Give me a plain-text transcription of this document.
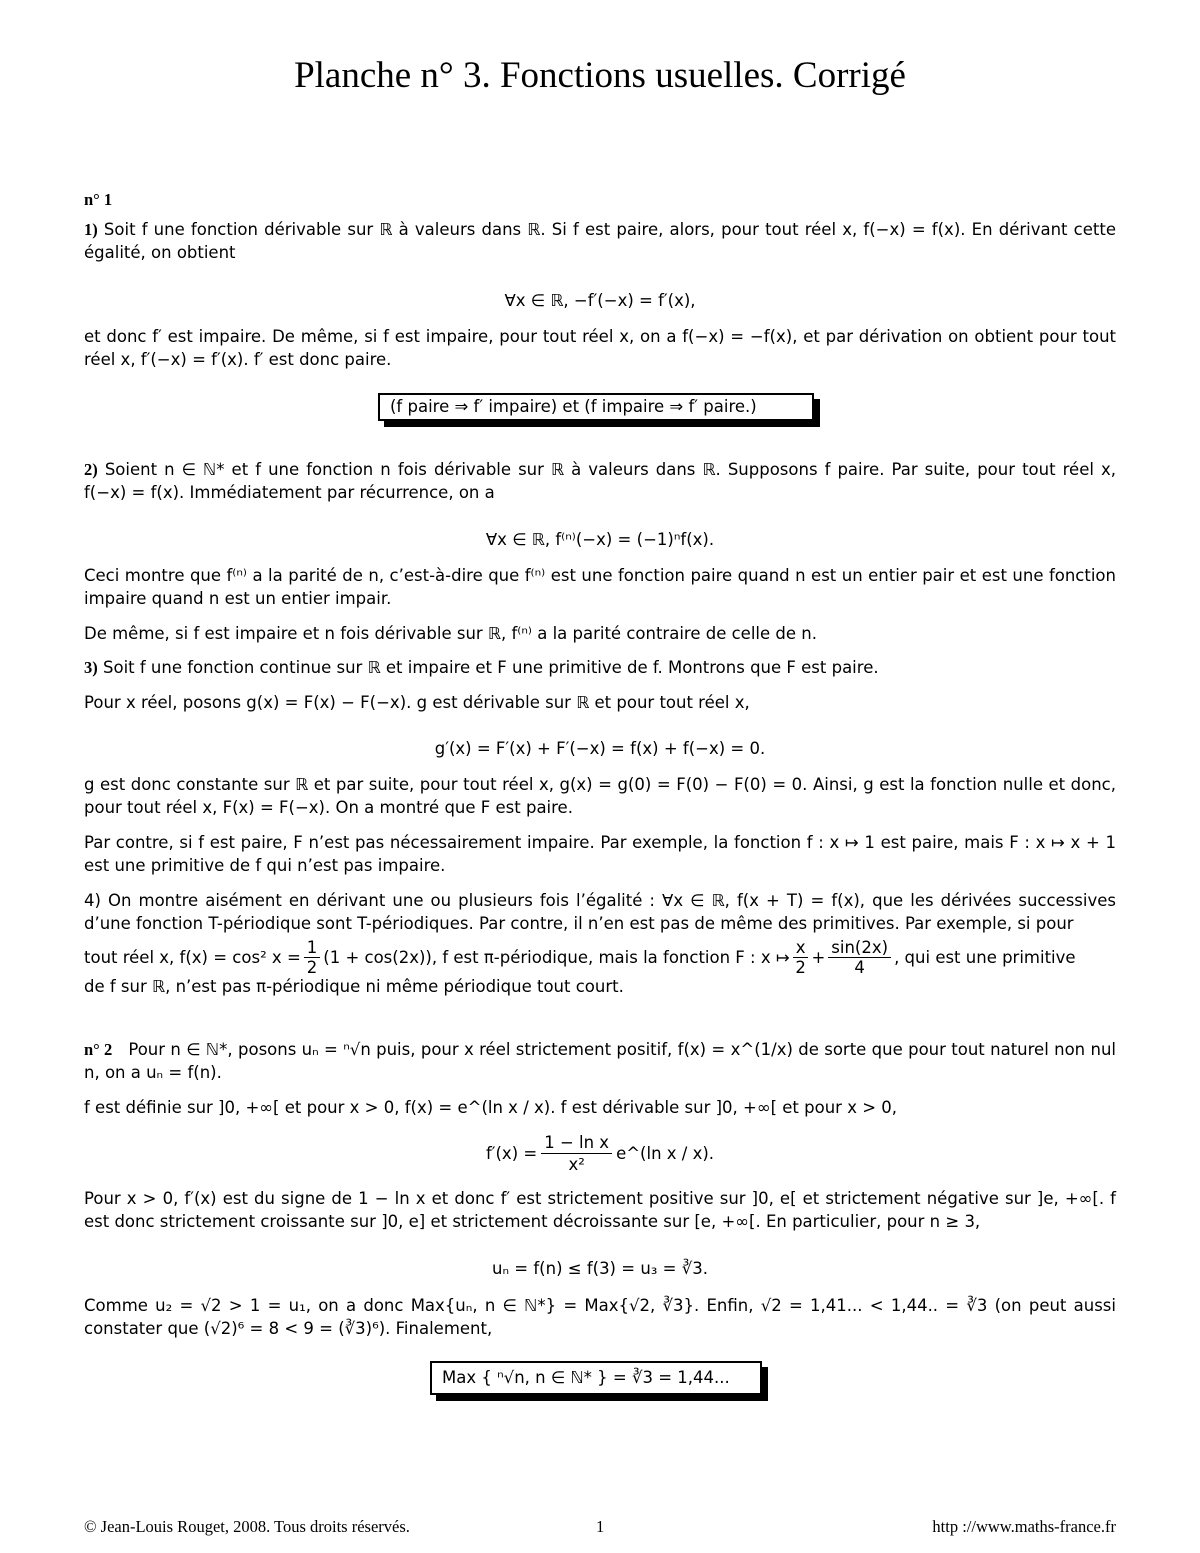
Planche n° 3. Fonctions usuelles. Corrigé
n° 1
1) Soit f une fonction dérivable sur ℝ à valeurs dans ℝ. Si f est paire, alors, pour tout réel x, f(−x) = f(x). En dérivant cette égalité, on obtient
∀x ∈ ℝ, −f′(−x) = f′(x),
et donc f′ est impaire. De même, si f est impaire, pour tout réel x, on a f(−x) = −f(x), et par dérivation on obtient pour tout réel x, f′(−x) = f′(x). f′ est donc paire.
(f paire ⇒ f′ impaire) et (f impaire ⇒ f′ paire.)
2) Soient n ∈ ℕ* et f une fonction n fois dérivable sur ℝ à valeurs dans ℝ. Supposons f paire. Par suite, pour tout réel x, f(−x) = f(x). Immédiatement par récurrence, on a
∀x ∈ ℝ, f⁽ⁿ⁾(−x) = (−1)ⁿf(x).
Ceci montre que f⁽ⁿ⁾ a la parité de n, c’est-à-dire que f⁽ⁿ⁾ est une fonction paire quand n est un entier pair et est une fonction impaire quand n est un entier impair.
De même, si f est impaire et n fois dérivable sur ℝ, f⁽ⁿ⁾ a la parité contraire de celle de n.
3) Soit f une fonction continue sur ℝ et impaire et F une primitive de f. Montrons que F est paire.
Pour x réel, posons g(x) = F(x) − F(−x). g est dérivable sur ℝ et pour tout réel x,
g′(x) = F′(x) + F′(−x) = f(x) + f(−x) = 0.
g est donc constante sur ℝ et par suite, pour tout réel x, g(x) = g(0) = F(0) − F(0) = 0. Ainsi, g est la fonction nulle et donc, pour tout réel x, F(x) = F(−x). On a montré que F est paire.
Par contre, si f est paire, F n’est pas nécessairement impaire. Par exemple, la fonction f : x ↦ 1 est paire, mais F : x ↦ x + 1 est une primitive de f qui n’est pas impaire.
4) On montre aisément en dérivant une ou plusieurs fois l’égalité : ∀x ∈ ℝ, f(x + T) = f(x), que les dérivées successives d’une fonction T-périodique sont T-périodiques. Par contre, il n’en est pas de même des primitives. Par exemple, si pour
tout réel x, f(x) = cos² $x = \frac{1}{2} (1 + \cos(2x))$, f est π-périodique, mais la fonction F : x ↦ $\frac{x}{2} + \frac{\sin(2x)}{4}$ , qui est une primitive
de f sur ℝ, n’est pas π-périodique ni même périodique tout court.
n° 2 Pour n ∈ ℕ*, posons uₙ = ⁿ√n puis, pour x réel strictement positif, f(x) = x^(1/x) de sorte que pour tout naturel non nul n, on a uₙ = f(n).
f est définie sur ]0, +∞[ et pour x > 0, f(x) = e^(ln x / x). f est dérivable sur ]0, +∞[ et pour x > 0,
$f'(x) = \frac{\text{1 − ln x}}{\text{x²}}$ e^(ln x / x).
Pour x > 0, f′(x) est du signe de 1 − ln x et donc f′ est strictement positive sur ]0, e[ et strictement négative sur ]e, +∞[. f est donc strictement croissante sur ]0, e] et strictement décroissante sur [e, +∞[. En particulier, pour n ≥ 3,
uₙ = f(n) ≤ f(3) = u₃ = ∛3.
Comme u₂ = √2 > 1 = u₁, on a donc Max{uₙ, n ∈ ℕ*} = Max{√2, ∛3}. Enfin, √2 = 1,41... < 1,44.. = ∛3 (on peut aussi constater que (√2)⁶ = 8 < 9 = (∛3)⁶). Finalement,
Max { ⁿ√n, n ∈ ℕ* } = ∛3 = 1,44...
© Jean-Louis Rouget, 2008. Tous droits réservés.	1	http ://www.maths-france.fr
